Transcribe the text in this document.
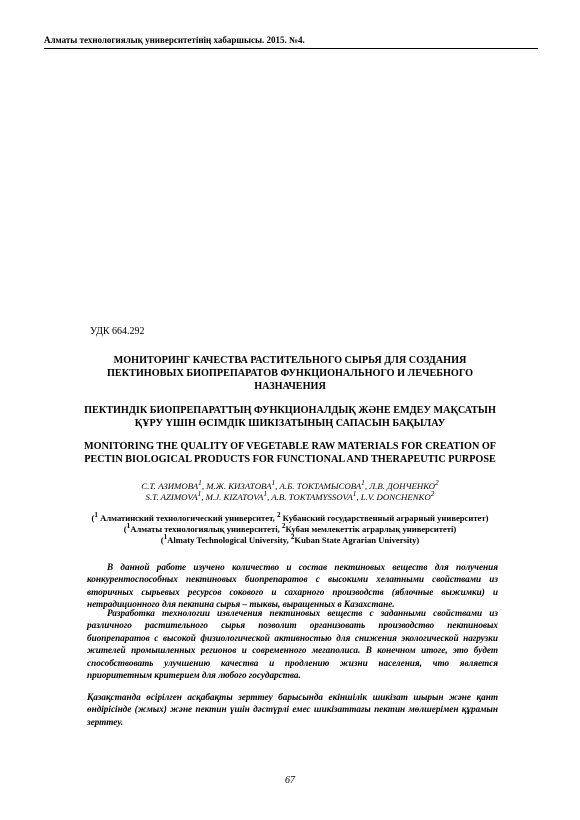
Алматы технологиялық университетінің хабаршысы. 2015. №4.
УДК 664.292
МОНИТОРИНГ КАЧЕСТВА РАСТИТЕЛЬНОГО СЫРЬЯ ДЛЯ СОЗДАНИЯ
ПЕКТИНОВЫХ БИОПРЕПАРАТОВ ФУНКЦИОНАЛЬНОГО И ЛЕЧЕБНОГО
НАЗНАЧЕНИЯ
ПЕКТИНДІК БИОПРЕПАРАТТЫҢ ФУНКЦИОНАЛДЫҚ ЖӘНЕ ЕМДЕУ МАҚСАТЫН
ҚҰРУ ҮШІН ӨСІМДІК ШИКІЗАТЫНЫҢ САПАСЫН БАҚЫЛАУ
MONITORING THE QUALITY OF VEGETABLE RAW MATERIALS FOR CREATION OF
PECTIN BIOLOGICAL PRODUCTS FOR FUNCTIONAL AND THERAPEUTIC PURPOSE
С.Т. АЗИМОВА$^1$, М.Ж. КИЗАТОВА$^1$, А.Б. ТОКТАМЫСОВА$^1$, Л.В. ДОНЧЕНКО$^2$
S.T. AZIMOVA$^1$, M.J. KIZATOVA$^1$, A.B. TOKTAMYSSOVA$^1$, L.V. DONCHENKO$^2$
($^1$ Алматинский технологический университет, $^2$ Кубанский государственный аграрный университет)
($^1$Алматы технологиялық университеті, $^2$Кубан мемлекеттік аграрлық университеті)
($^1$Almaty Technological University, $^2$Kuban State Agrarian University)
В данной работе изучено количество и состав пектиновых веществ для получения конкурентоспособных пектиновых биопрепаратов с высокими хелатными свойствами из вторичных сырьевых ресурсов сокового и сахарного производств (яблочные выжимки) и нетрадиционного для пектина сырья – тыквы, выращенных в Казахстане.
Разработка технологии извлечения пектиновых веществ с заданными свойствами из различного растительного сырья позволит организовать производство пектиновых биопрепаратов с высокой физиологической активностью для снижения экологической нагрузки жителей промышленных регионов и современного мегаполиса. В конечном итоге, это будет способствовать улучшению качества и продлению жизни населения, что является приоритетным критерием для любого государства.
Қазақстанда өсірілген асқабақты зерттеу барысында екіншілік шикізат шырын және қант өндірісінде (жмых) және пектин үшін дәстүрлі емес шикізаттағы пектин мөлшерімен құрамын зерттеу.
67
